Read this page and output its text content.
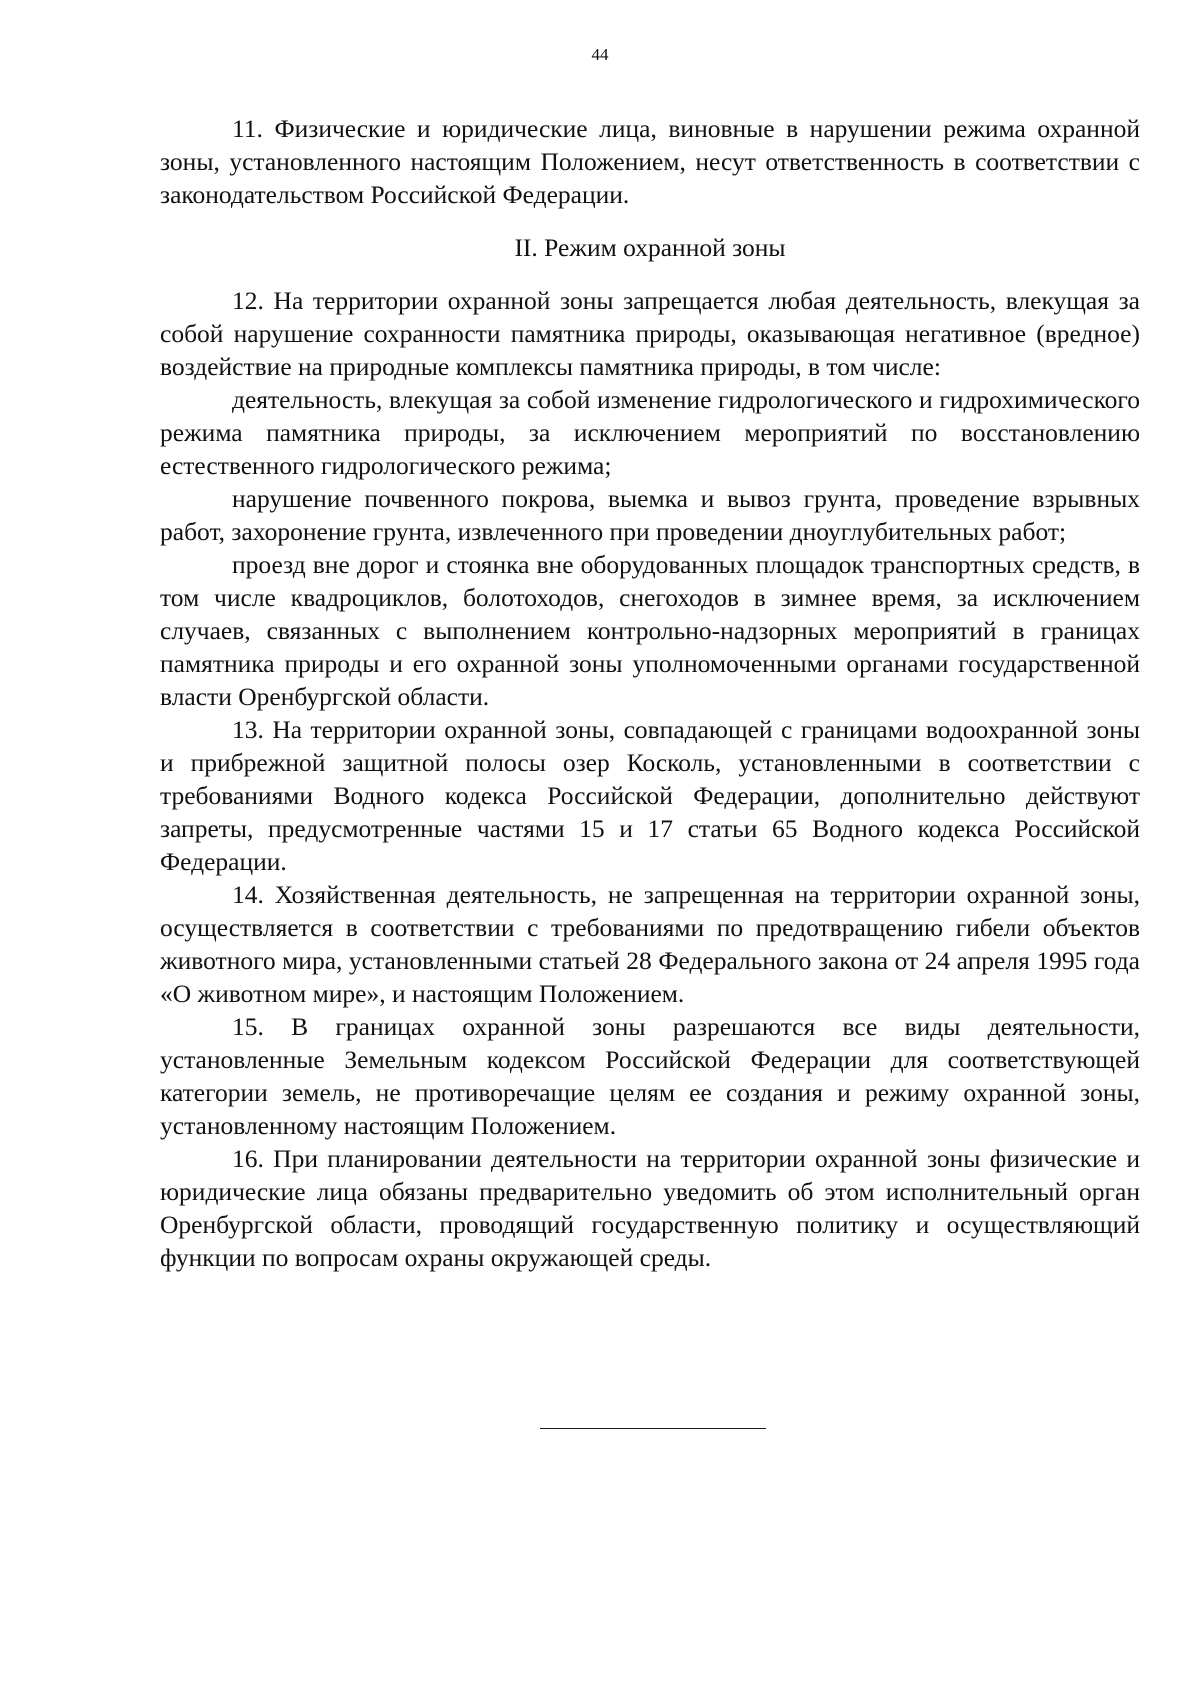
44

11. Физические и юридические лица, виновные в нарушении режима охранной зоны, установленного настоящим Положением, несут ответственность в соответствии с законодательством Российской Федерации.

II. Режим охранной зоны

12. На территории охранной зоны запрещается любая деятельность, влекущая за собой нарушение сохранности памятника природы, оказывающая негативное (вредное) воздействие на природные комплексы памятника природы, в том числе:

деятельность, влекущая за собой изменение гидрологического и гидрохимического режима памятника природы, за исключением мероприятий по восстановлению естественного гидрологического режима;

нарушение почвенного покрова, выемка и вывоз грунта, проведение взрывных работ, захоронение грунта, извлеченного при проведении дноуглубительных работ;

проезд вне дорог и стоянка вне оборудованных площадок транспортных средств, в том числе квадроциклов, болотоходов, снегоходов в зимнее время, за исключением случаев, связанных с выполнением контрольно-надзорных мероприятий в границах памятника природы и его охранной зоны уполномоченными органами государственной власти Оренбургской области.

13. На территории охранной зоны, совпадающей с границами водоохранной зоны и прибрежной защитной полосы озер Косколь, установленными в соответствии с требованиями Водного кодекса Российской Федерации, дополнительно действуют запреты, предусмотренные частями 15 и 17 статьи 65 Водного кодекса Российской Федерации.

14. Хозяйственная деятельность, не запрещенная на территории охранной зоны, осуществляется в соответствии с требованиями по предотвращению гибели объектов животного мира, установленными статьей 28 Федерального закона от 24 апреля 1995 года «О животном мире», и настоящим Положением.

15. В границах охранной зоны разрешаются все виды деятельности, установленные Земельным кодексом Российской Федерации для соответствующей категории земель, не противоречащие целям ее создания и режиму охранной зоны, установленному настоящим Положением.

16. При планировании деятельности на территории охранной зоны физические и юридические лица обязаны предварительно уведомить об этом исполнительный орган Оренбургской области, проводящий государственную политику и осуществляющий функции по вопросам охраны окружающей среды.
